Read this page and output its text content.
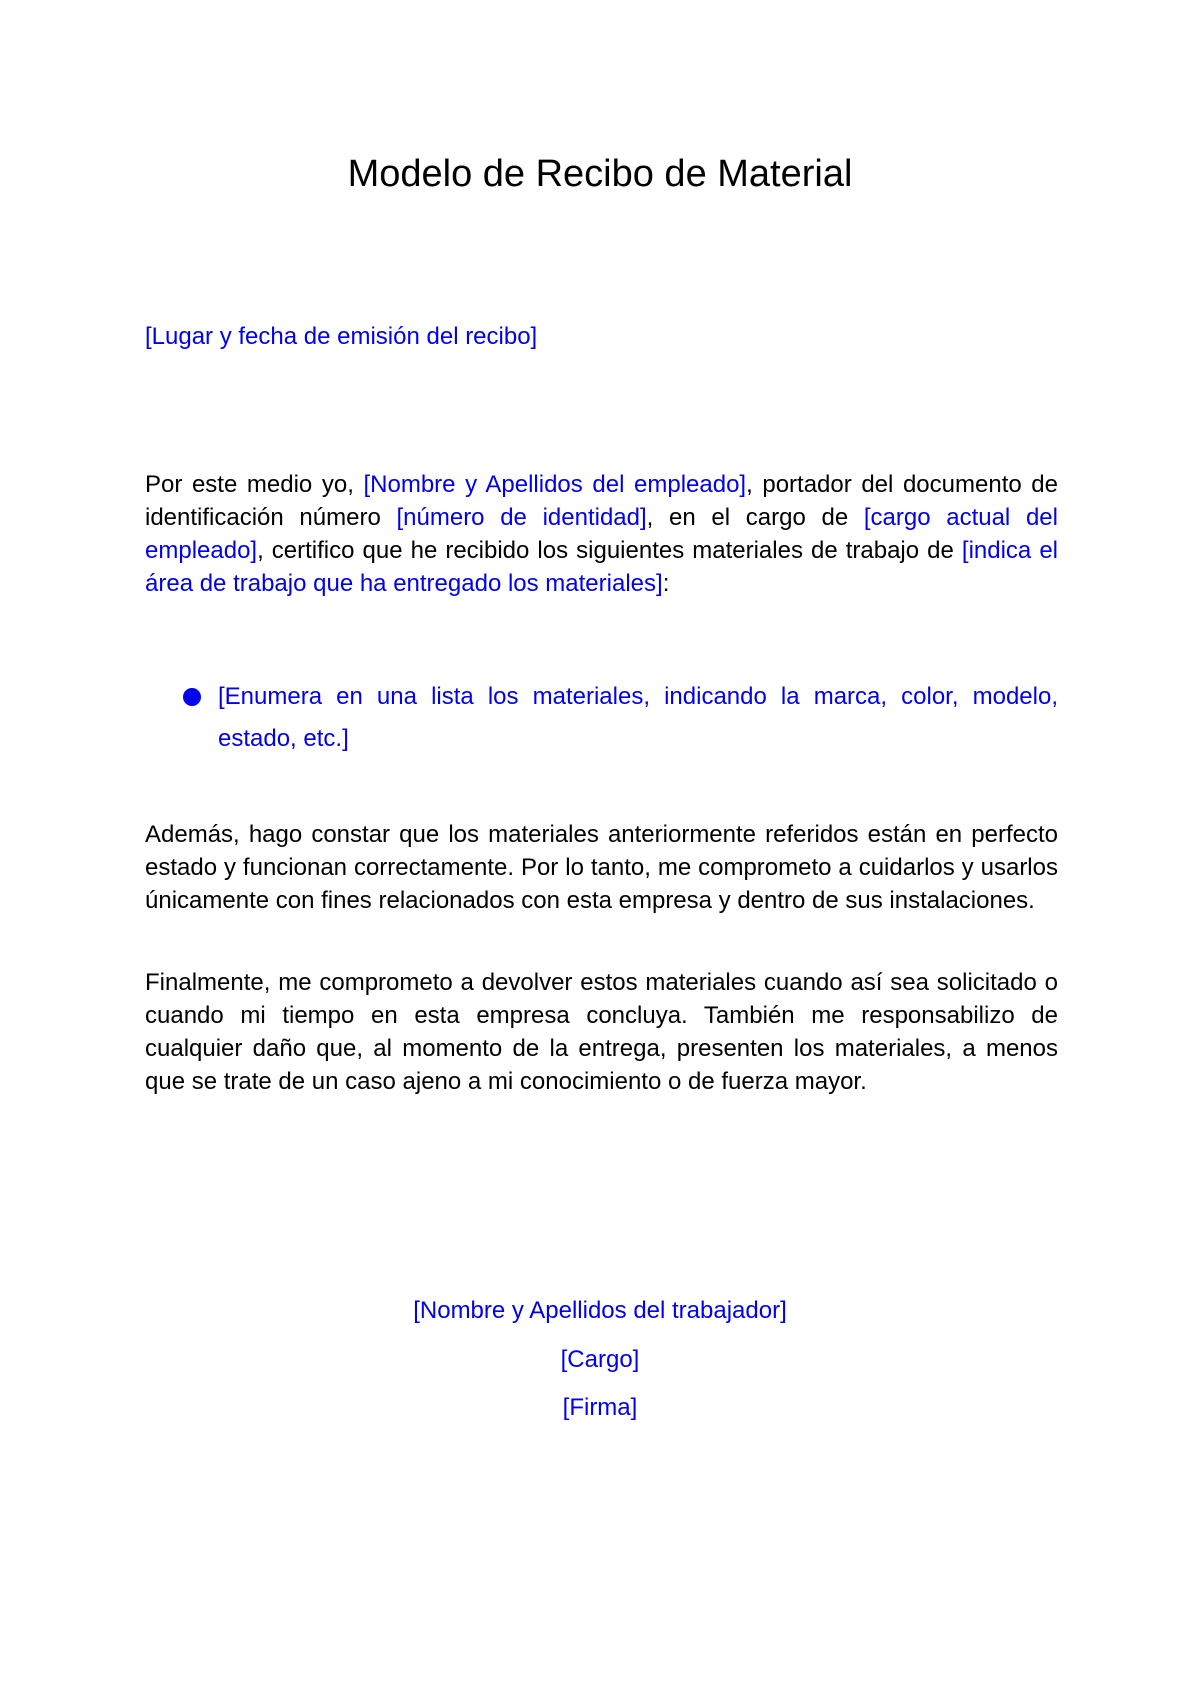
Modelo de Recibo de Material
[Lugar y fecha de emisión del recibo]

Por este medio yo, [Nombre y Apellidos del empleado], portador del documento de identificación número [número de identidad], en el cargo de [cargo actual del empleado], certifico que he recibido los siguientes materiales de trabajo de [indica el área de trabajo que ha entregado los materiales]:

[Enumera en una lista los materiales, indicando la marca, color, modelo, estado, etc.]

Además, hago constar que los materiales anteriormente referidos están en perfecto estado y funcionan correctamente. Por lo tanto, me comprometo a cuidarlos y usarlos únicamente con fines relacionados con esta empresa y dentro de sus instalaciones.

Finalmente, me comprometo a devolver estos materiales cuando así sea solicitado o cuando mi tiempo en esta empresa concluya. También me responsabilizo de cualquier daño que, al momento de la entrega, presenten los materiales, a menos que se trate de un caso ajeno a mi conocimiento o de fuerza mayor.

[Nombre y Apellidos del trabajador]
[Cargo]
[Firma]
